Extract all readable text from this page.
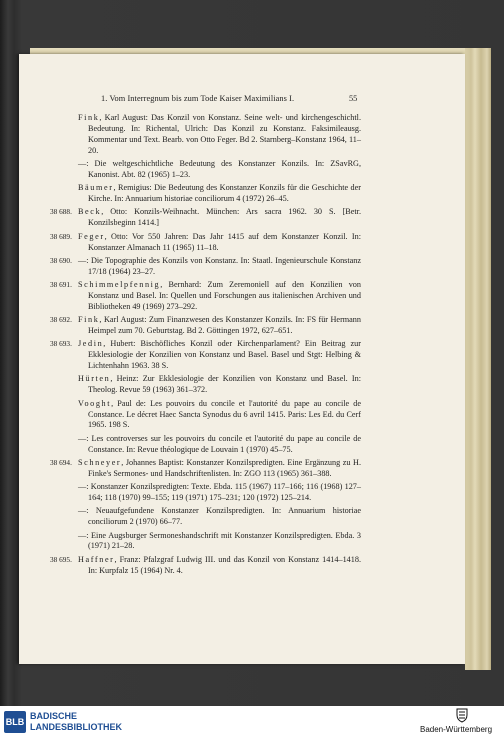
1. Vom Interregnum bis zum Tode Kaiser Maximilians I.	55

Fink, Karl August: Das Konzil von Konstanz. Seine welt- und kirchengeschichtl. Bedeutung. In: Richental, Ulrich: Das Konzil zu Konstanz. Faksimileausg. Kommentar und Text. Bearb. von Otto Feger. Bd 2. Starnberg–Konstanz 1964, 11–20.

—: Die weltgeschichtliche Bedeutung des Konstanzer Konzils. In: ZSavRG, Kanonist. Abt. 82 (1965) 1–23.

Bäumer, Remigius: Die Bedeutung des Konstanzer Konzils für die Geschichte der Kirche. In: Annuarium historiae conciliorum 4 (1972) 26–45.

38 688. Beck, Otto: Konzils-Weihnacht. München: Ars sacra 1962. 30 S. [Betr. Konzilsbeginn 1414.]

38 689. Feger, Otto: Vor 550 Jahren: Das Jahr 1415 auf dem Konstanzer Konzil. In: Konstanzer Almanach 11 (1965) 11–18.

38 690. —: Die Topographie des Konzils von Konstanz. In: Staatl. Ingenieurschule Konstanz 17/18 (1964) 23–27.

38 691. Schimmelpfennig, Bernhard: Zum Zeremoniell auf den Konzilien von Konstanz und Basel. In: Quellen und Forschungen aus italienischen Archiven und Bibliotheken 49 (1969) 273–292.

38 692. Fink, Karl August: Zum Finanzwesen des Konstanzer Konzils. In: FS für Hermann Heimpel zum 70. Geburtstag. Bd 2. Göttingen 1972, 627–651.

38 693. Jedin, Hubert: Bischöfliches Konzil oder Kirchenparlament? Ein Beitrag zur Ekklesiologie der Konzilien von Konstanz und Basel. Basel und Stgt: Helbing & Lichtenhahn 1963. 38 S.

Hürten, Heinz: Zur Ekklesiologie der Konzilien von Konstanz und Basel. In: Theolog. Revue 59 (1963) 361–372.

Vooght, Paul de: Les pouvoirs du concile et l'autorité du pape au concile de Constance. Le décret Haec Sancta Synodus du 6 avril 1415. Paris: Les Ed. du Cerf 1965. 198 S.

—: Les controverses sur les pouvoirs du concile et l'autorité du pape au concile de Constance. In: Revue théologique de Louvain 1 (1970) 45–75.

38 694. Schneyer, Johannes Baptist: Konstanzer Konzilspredigten. Eine Ergänzung zu H. Finke's Sermones- und Handschriftenlisten. In: ZGO 113 (1965) 361–388.

—: Konstanzer Konzilspredigten: Texte. Ebda. 115 (1967) 117–166; 116 (1968) 127–164; 118 (1970) 99–155; 119 (1971) 175–231; 120 (1972) 125–214.

—: Neuaufgefundene Konstanzer Konzilspredigten. In: Annuarium historiae conciliorum 2 (1970) 66–77.

—: Eine Augsburger Sermoneshandschrift mit Konstanzer Konzilspredigten. Ebda. 3 (1971) 21–28.

38 695. Haffner, Franz: Pfalzgraf Ludwig III. und das Konzil von Konstanz 1414–1418. In: Kurpfalz 15 (1964) Nr. 4.

BLB
BADISCHE
LANDESBIBLIOTHEK	Baden-Württemberg
